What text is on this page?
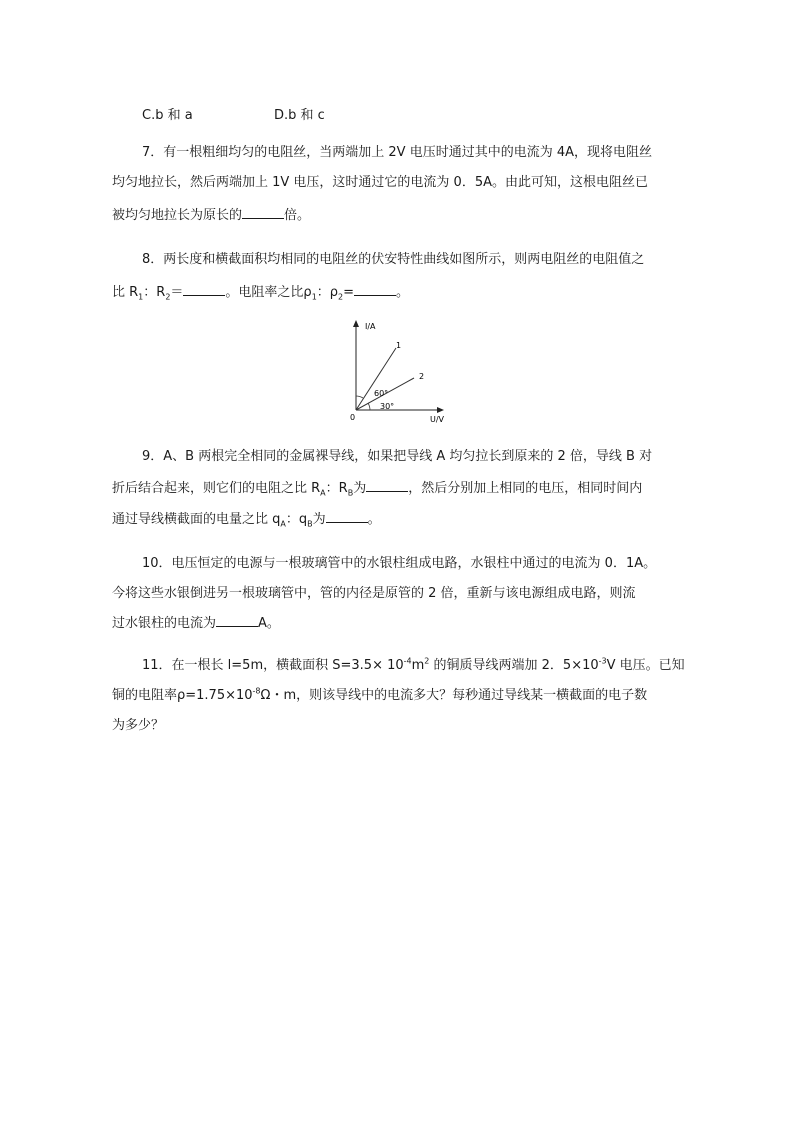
C.b 和 a	D.b 和 c
7．有一根粗细均匀的电阻丝，当两端加上 2V 电压时通过其中的电流为 4A，现将电阻丝
均匀地拉长，然后两端加上 1V 电压，这时通过它的电流为 0．5A。由此可知，这根电阻丝已
被均匀地拉长为原长的	倍。
8．两长度和横截面积均相同的电阻丝的伏安特性曲线如图所示，则两电阻丝的电阻值之
比 $R_1$：$R_2=$	。电阻率之比$\rho_1$：$\rho_2=$	。
I/A
U/V
0
1
2
60°
30°
9．A、B 两根完全相同的金属裸导线，如果把导线 A 均匀拉长到原来的 2 倍，导线 B 对
折后结合起来，则它们的电阻之比 $R_A$：$R_B$为	，然后分别加上相同的电压，相同时间内
通过导线横截面的电量之比 $q_A$：$q_B$为	。
10．电压恒定的电源与一根玻璃管中的水银柱组成电路，水银柱中通过的电流为 0．1A。
今将这些水银倒进另一根玻璃管中，管的内径是原管的 2 倍，重新与该电源组成电路，则流
过水银柱的电流为	A。
11．在一根长 l=5m，横截面积 $S=3.5\times 10^{-4}m^2$ 的铜质导线两端加 2．$5\times 10^{-3}V$ 电压。已知
铜的电阻率$\rho=1.75\times 10^{-8}\Omega$・m，则该导线中的电流多大？每秒通过导线某一横截面的电子数
为多少？
